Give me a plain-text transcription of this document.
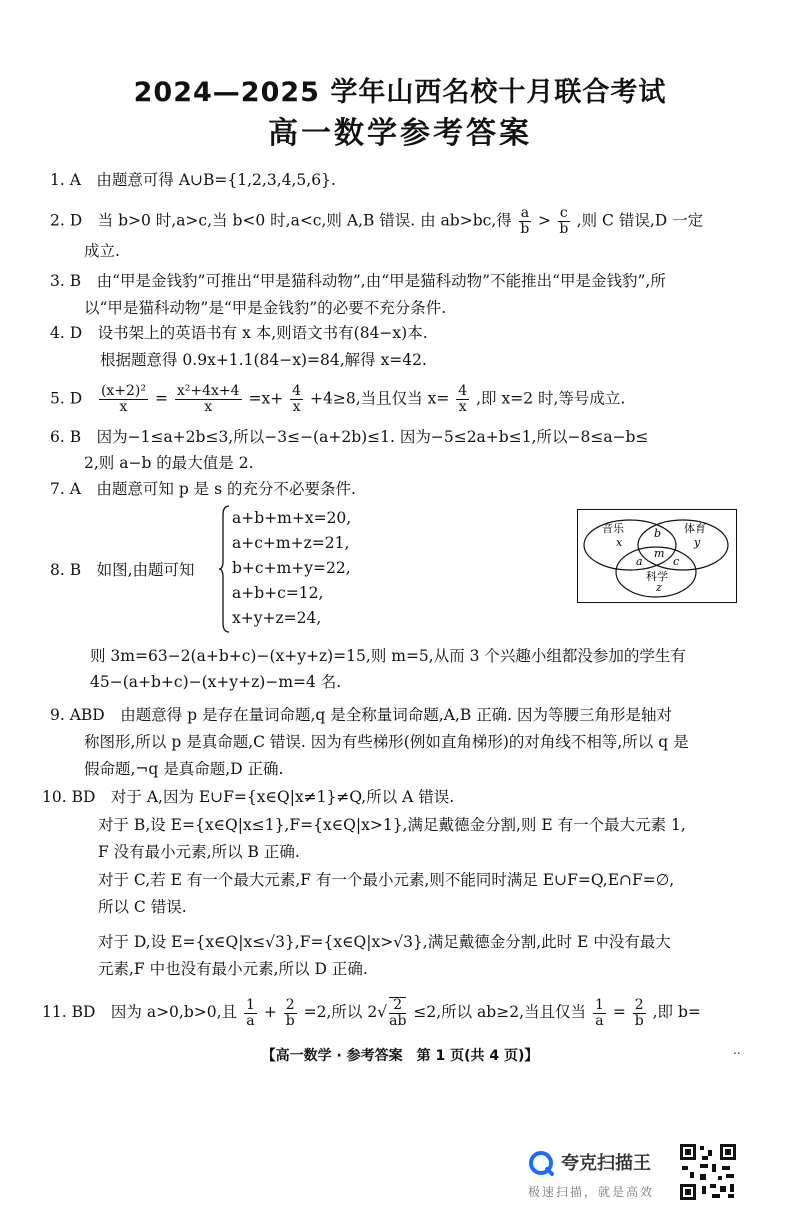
2024—2025 学年山西名校十月联合考试
高一数学参考答案
1. A　由题意可得 A∪B={1,2,3,4,5,6}.
2. D　当 b>0 时,a>c,当 b<0 时,a<c,则 A,B 错误. 由 ab>bc,得 $\frac{a}{b} > \frac{c}{b}$ ,则 C 错误,D 一定
成立.
3. B　由“甲是金钱豹”可推出“甲是猫科动物”,由“甲是猫科动物”不能推出“甲是金钱豹”,所
以“甲是猫科动物”是“甲是金钱豹”的必要不充分条件.
4. D　设书架上的英语书有 x 本,则语文书有(84−x)本.
根据题意得 0.9x+1.1(84−x)=84,解得 x=42.
5. D $\frac{\text{(x+2)²}}{x} = \frac{\text{x²+4x+4}}{x} =x+ \frac{4}{x} +4\ge 8$,当且仅当 $x= \frac{4}{x}$ ,即 x=2 时,等号成立.
6. B　因为−1≤a+2b≤3,所以−3≤−(a+2b)≤1. 因为−5≤2a+b≤1,所以−8≤a−b≤
2,则 a−b 的最大值是 2.
7. A　由题意可知 p 是 s 的充分不必要条件.
8. B　如图,由题可知
a+b+m+x=20,
a+c+m+z=21,
b+c+m+y=22,
a+b+c=12,
x+y+z=24,
音乐	体育
科学
x	y
z
b
a
m
c
则 3m=63−2(a+b+c)−(x+y+z)=15,则 m=5,从而 3 个兴趣小组都没参加的学生有
45−(a+b+c)−(x+y+z)−m=4 名.
9. ABD　由题意得 p 是存在量词命题,q 是全称量词命题,A,B 正确. 因为等腰三角形是轴对
称图形,所以 p 是真命题,C 错误. 因为有些梯形(例如直角梯形)的对角线不相等,所以 q 是
假命题,¬q 是真命题,D 正确.
10. BD　对于 A,因为 E∪F={x∈Q|x≠1}≠Q,所以 A 错误.
对于 B,设 E={x∈Q|x≤1},F={x∈Q|x>1},满足戴德金分割,则 E 有一个最大元素 1,
F 没有最小元素,所以 B 正确.
对于 C,若 E 有一个最大元素,F 有一个最小元素,则不能同时满足 E∪F=Q,E∩F=∅,
所以 C 错误.
对于 D,设 E={x∈Q|x≤√3},F={x∈Q|x>√3},满足戴德金分割,此时 E 中没有最大
元素,F 中也没有最小元素,所以 D 正确.
11. BD　因为 a>0,b>0,且 $\frac{1}{a} + \frac{2}{b} =2$,所以 $2√ \frac{2}{ab} \le 2$,所以 ab≥2,当且仅当 $\frac{1}{a} = \frac{2}{b}$ ,即 b=
【高一数学 · 参考答案　第 1 页(共 4 页)】	..
夸克扫描王
极速扫描，就是高效
